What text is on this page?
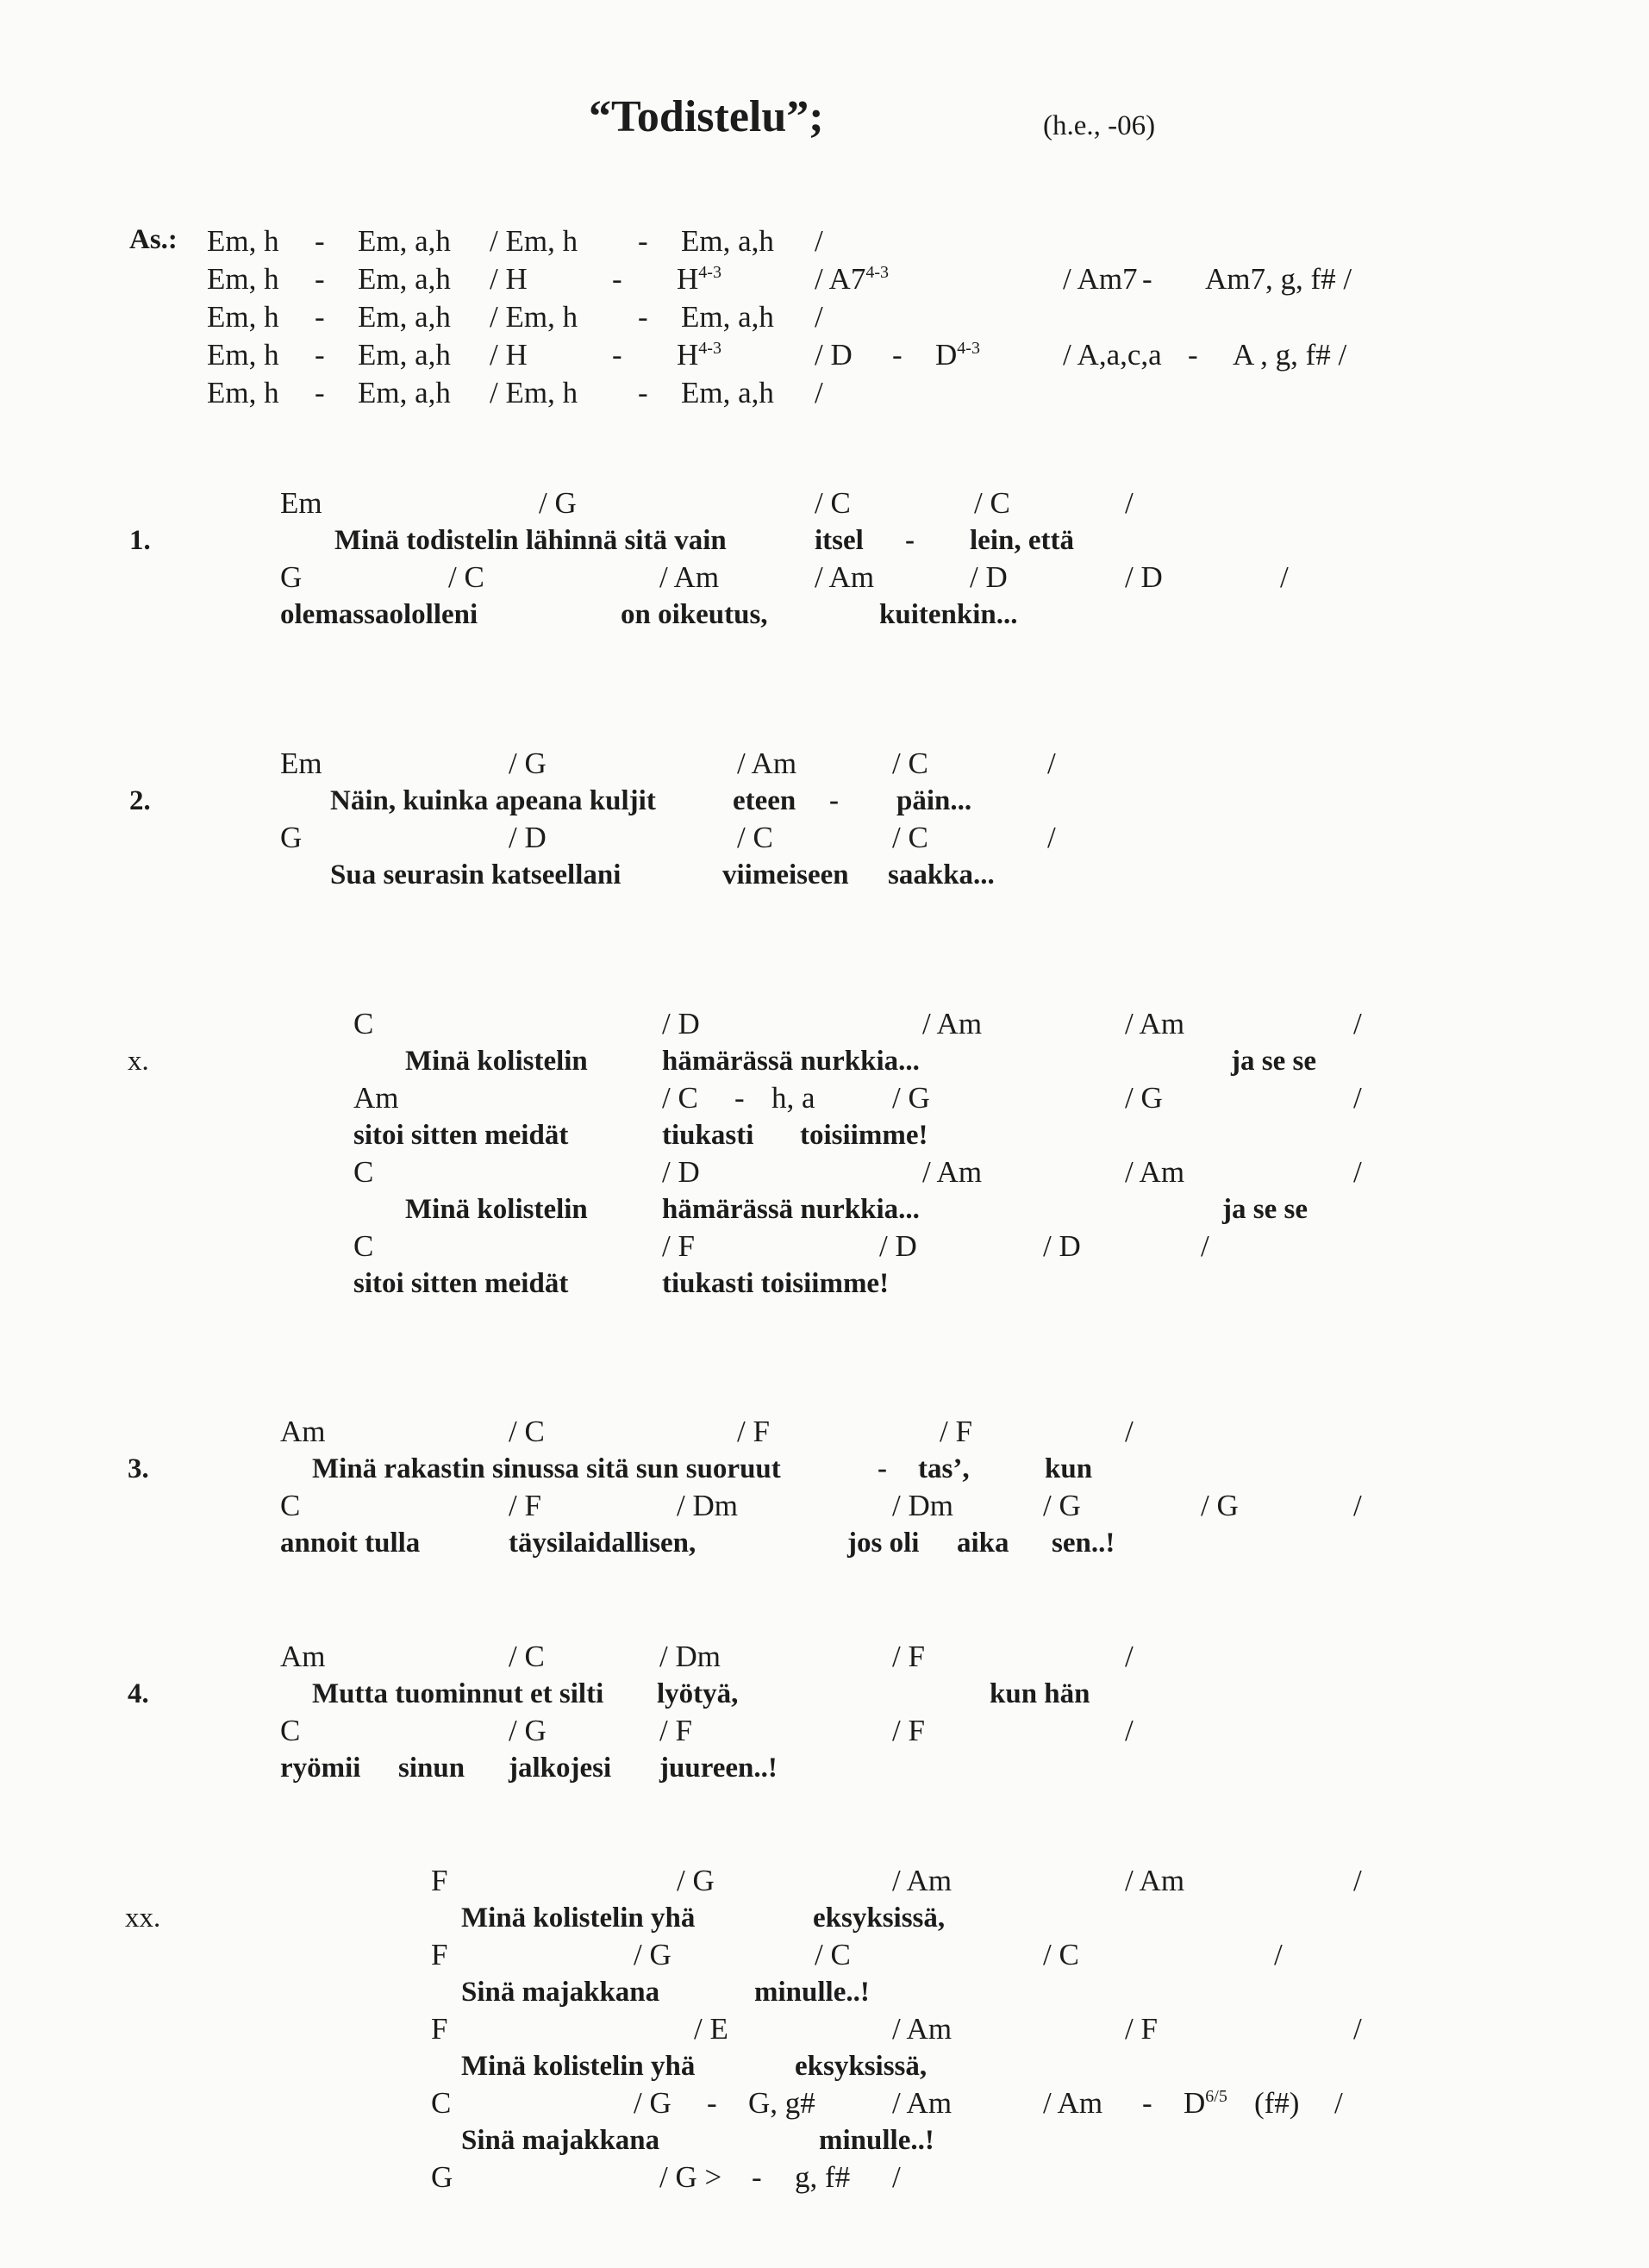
“Todistelu”;	(h.e., -06)
As.: Em, h - Em, a,h / Em, h - Em, a,h /
Em, h - Em, a,h / H	- $H^{4-3}$	/ A7$^{4-3}$	/ Am7 - Am7, g, f# /
Em, h - Em, a,h / Em, h - Em, a,h /
Em, h - Em, a,h / H	- $H^{4-3}$	/ D - $D^{4-3}$	/ A,a,c,a - A , g, f# /
Em, h - Em, a,h / Em, h - Em, a,h /
Em	/ G	/ C	/ C	/
1.	Minä todistelin lähinnä sitä vain	itsel - lein, että
G	/ C	/ Am	/ Am	/ D	/ D	/
olemassaololleni	on oikeutus,	kuitenkin...
Em	/ G	/ Am	/ C	/
2.	Näin, kuinka apeana kuljit	eteen - päin...
G	/ D	/ C	/ C	/
Sua seurasin katseellani	viimeiseen saakka...
C	/ D	/ Am	/ Am	/
x.	Minä kolistelin	hämärässä nurkkia...	ja se se
Am	/ C - h, a	/ G	/ G	/
sitoi sitten meidät	tiukasti toisiimme!
C	/ D	/ Am	/ Am	/
Minä kolistelin	hämärässä nurkkia...	ja se se
C	/ F	/ D	/ D	/
sitoi sitten meidät	tiukasti toisiimme!
Am	/ C	/ F	/ F	/
3.	Minä rakastin sinussa sitä sun suoruut	- tas’,	kun
C	/ F	/ Dm	/ Dm	/ G	/ G	/
annoit tulla	täysilaidallisen,	jos oli aika sen..!
Am	/ C	/ Dm	/ F	/
4.	Mutta tuominnut et silti lyötyä,	kun hän
C	/ G	/ F	/ F	/
ryömii sinun jalkojesi juureen..!
F	/ G	/ Am	/ Am	/
xx.	Minä kolistelin yhä	eksyksissä,
F	/ G	/ C	/ C	/
Sinä majakkana	minulle..!
F	/ E	/ Am	/ F	/
Minä kolistelin yhä	eksyksissä,
C	/ G - G, g#	/ Am	/ Am - $D^{6/5}$ (f#) /
Sinä majakkana	minulle..!
G	/ G > - g, f# /
